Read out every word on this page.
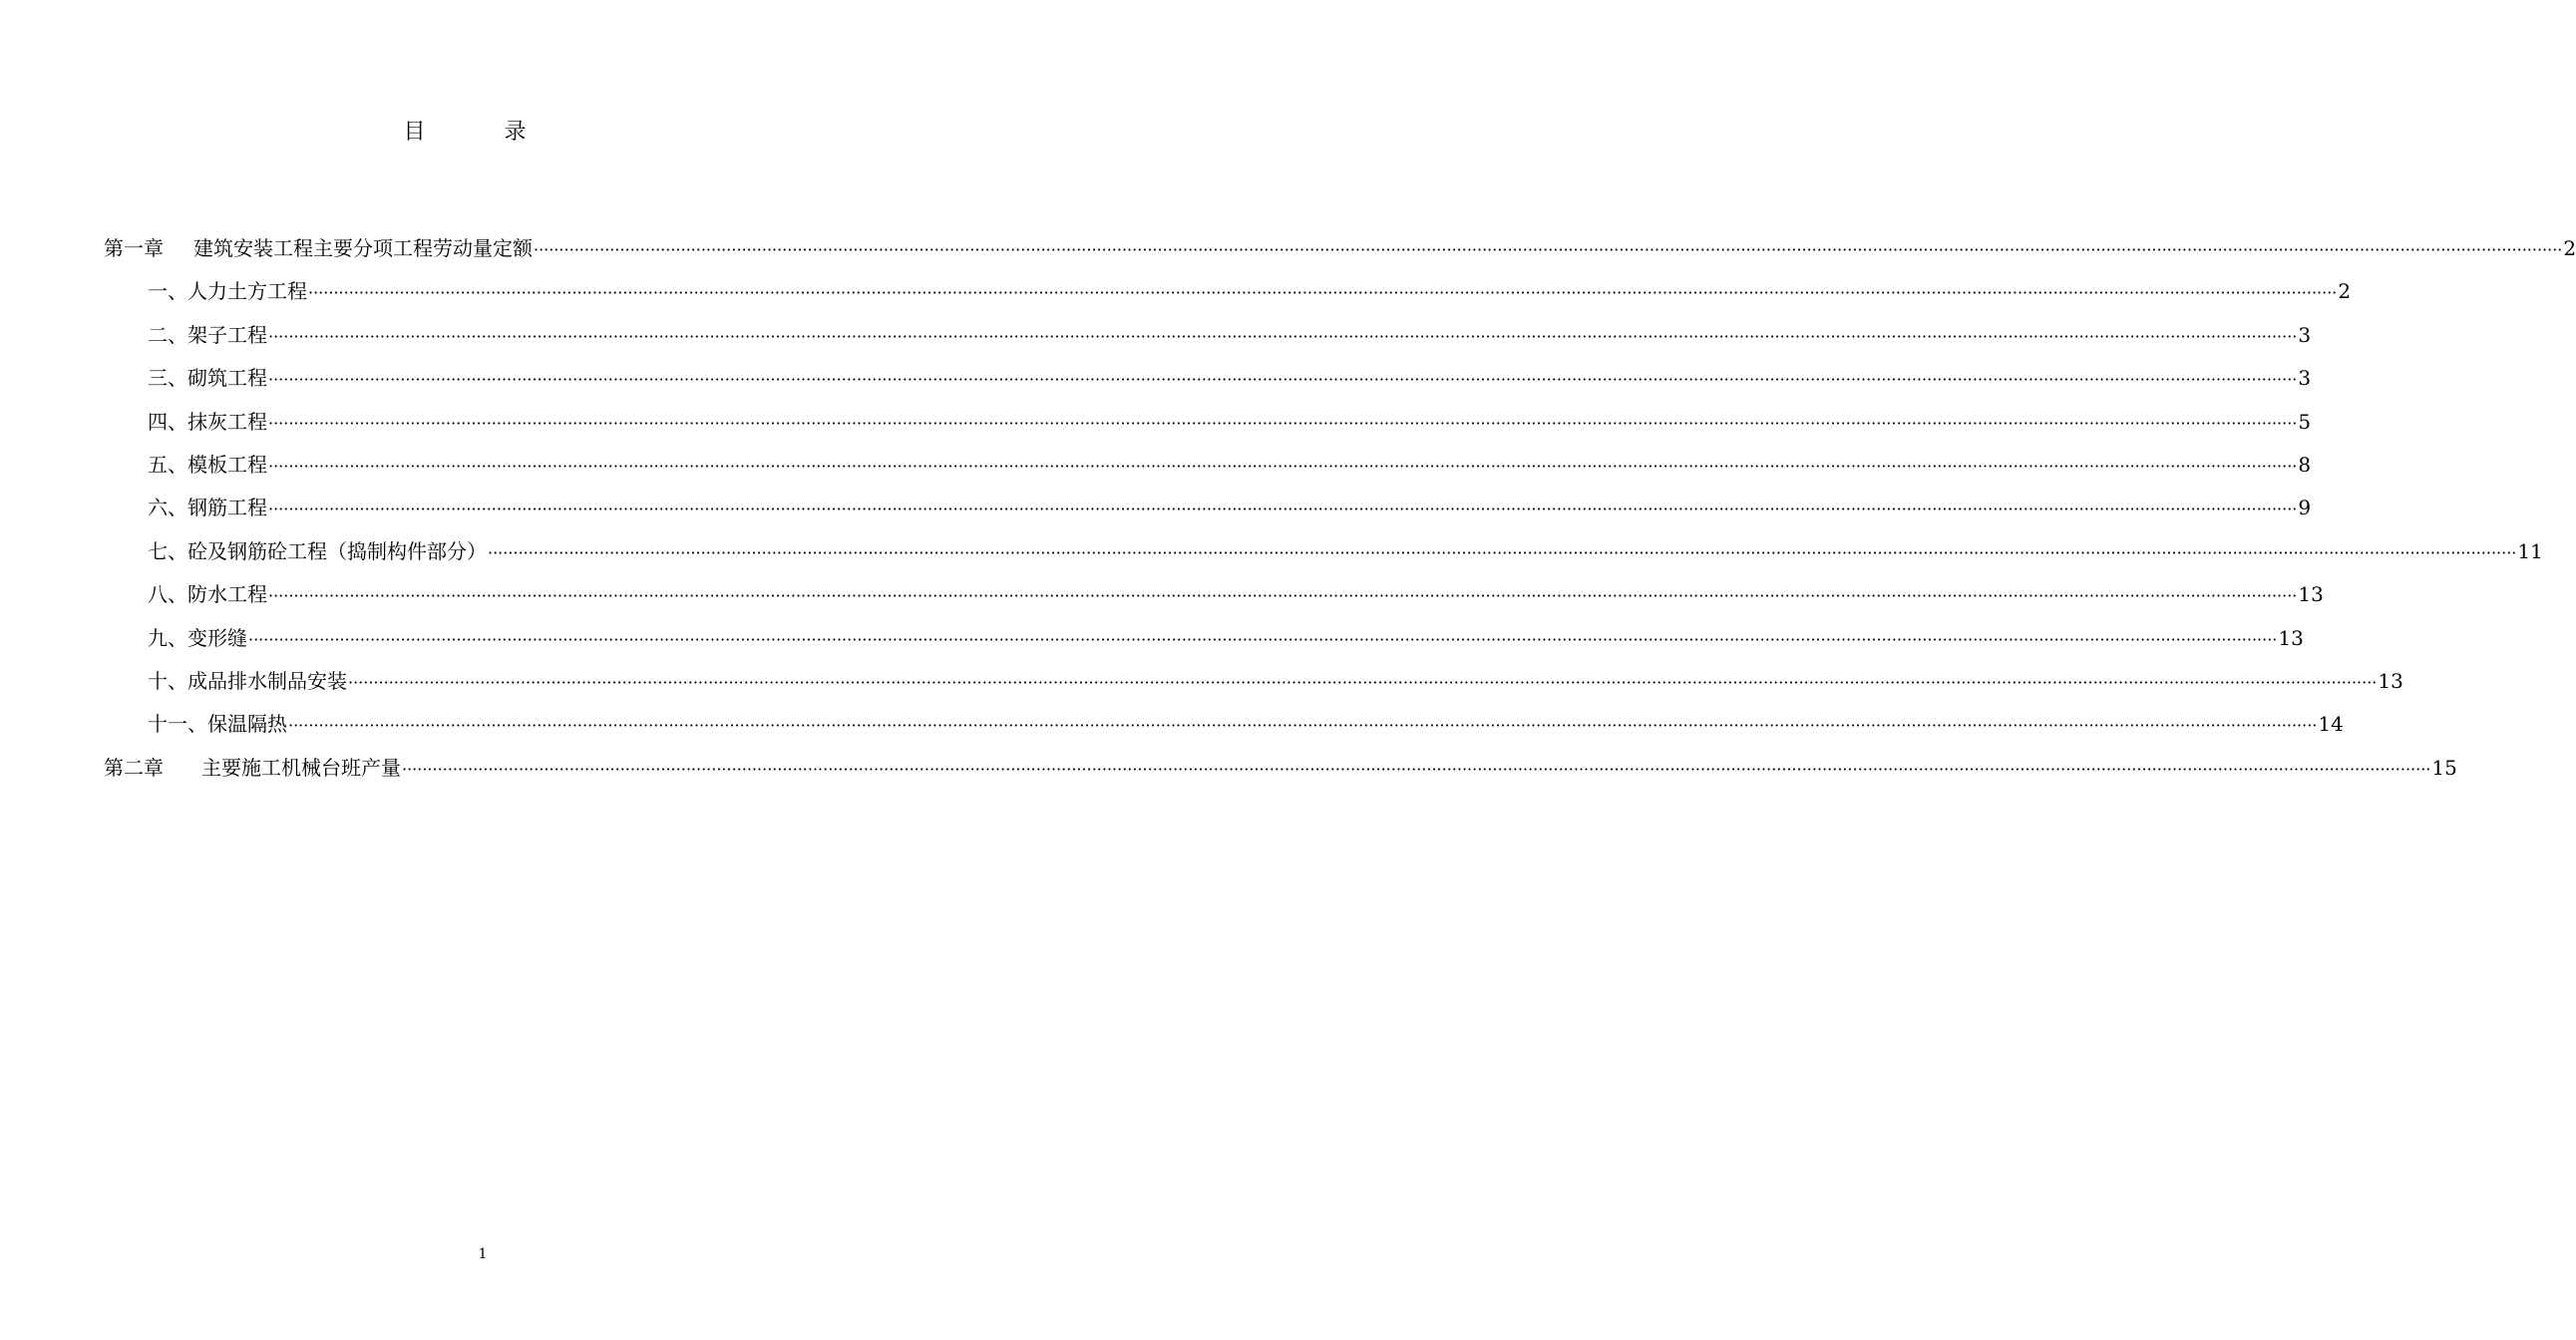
目 录
第一章 建筑安装工程主要分项工程劳动量定额 ················································································································································································································································································································································································································ 2
一、人力土方工程 ················································································································································································································································································································································································································ 2
二、架子工程 ················································································································································································································································································································································································································ 3
三、砌筑工程 ················································································································································································································································································································································································································ 3
四、抹灰工程 ················································································································································································································································································································································································································ 5
五、模板工程 ················································································································································································································································································································································································································ 8
六、钢筋工程 ················································································································································································································································································································································································································ 9
七、砼及钢筋砼工程（捣制构件部分） ················································································································································································································································································································································································································ 11
八、防水工程 ················································································································································································································································································································································································································ 13
九、变形缝 ················································································································································································································································································································································································································ 13
十、成品排水制品安装 ················································································································································································································································································································································································································ 13
十一、保温隔热 ················································································································································································································································································································································································································ 14
第二章 主要施工机械台班产量 ················································································································································································································································································································································································································ 15
1
